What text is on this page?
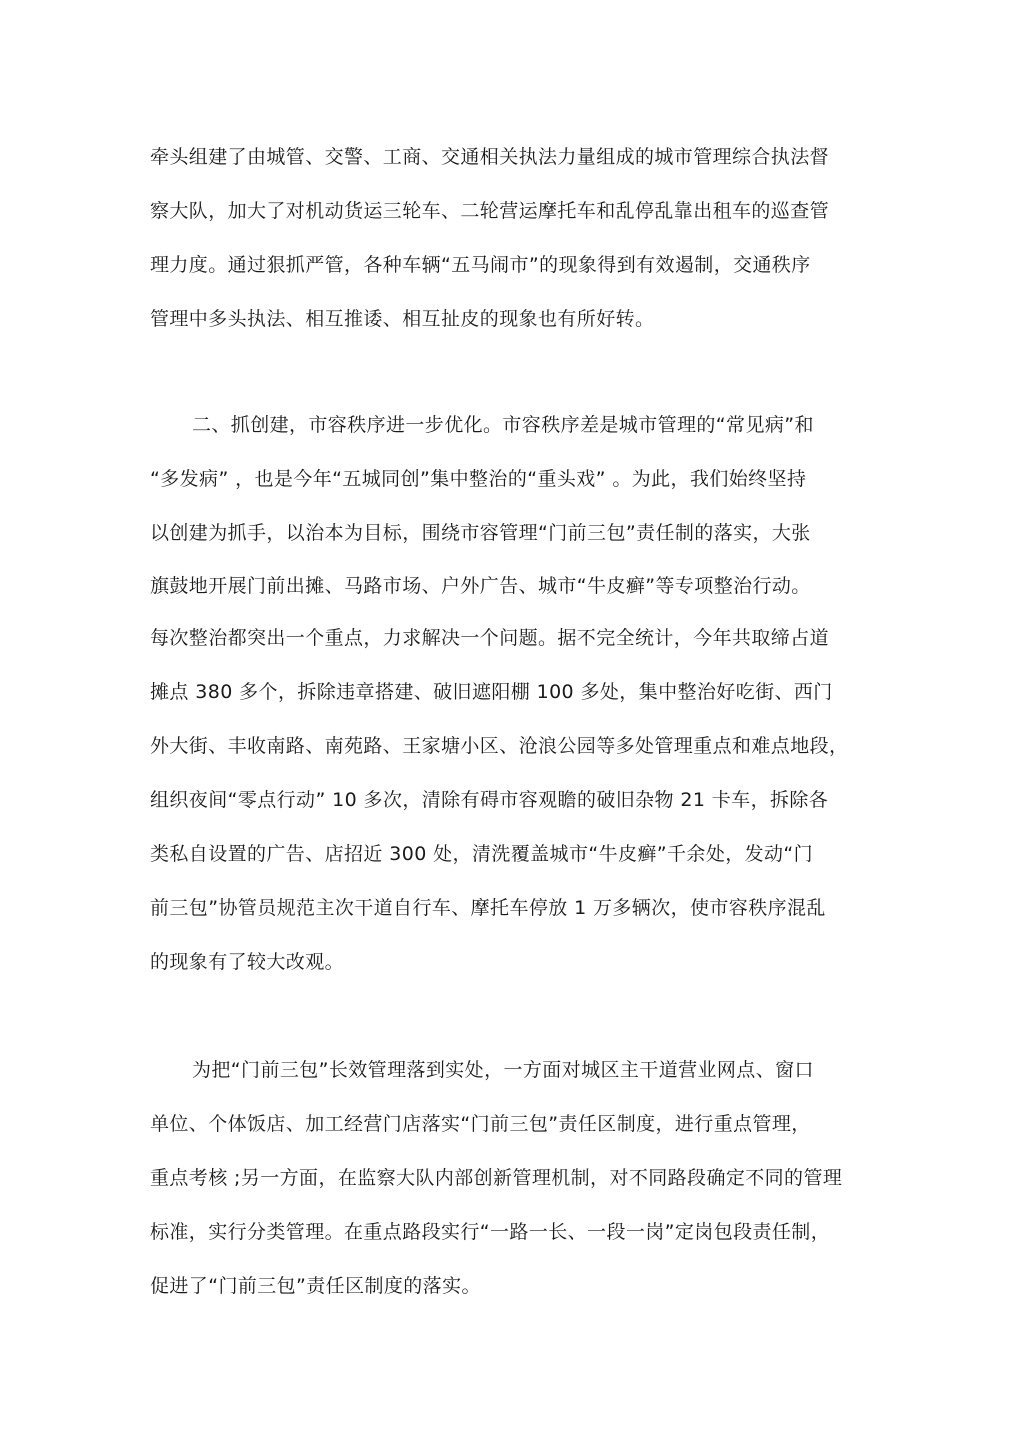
牵头组建了由城管、交警、工商、交通相关执法力量组成的城市管理综合执法督
察大队，加大了对机动货运三轮车、二轮营运摩托车和乱停乱靠出租车的巡查管
理力度。通过狠抓严管，各种车辆“五马闹市”的现象得到有效遏制，交通秩序
管理中多头执法、相互推诿、相互扯皮的现象也有所好转。
二、抓创建，市容秩序进一步优化。市容秩序差是城市管理的“常见病”和
“多发病” ，也是今年“五城同创”集中整治的“重头戏” 。为此，我们始终坚持
以创建为抓手，以治本为目标，围绕市容管理“门前三包”责任制的落实，大张
旗鼓地开展门前出摊、马路市场、户外广告、城市“牛皮癣”等专项整治行动。
每次整治都突出一个重点，力求解决一个问题。据不完全统计，今年共取缔占道
摊点 380 多个，拆除违章搭建、破旧遮阳棚 100 多处，集中整治好吃街、西门
外大街、丰收南路、南苑路、王家塘小区、沧浪公园等多处管理重点和难点地段，
组织夜间“零点行动” 10 多次，清除有碍市容观瞻的破旧杂物 21 卡车，拆除各
类私自设置的广告、店招近 300 处，清洗覆盖城市“牛皮癣”千余处，发动“门
前三包”协管员规范主次干道自行车、摩托车停放 1 万多辆次，使市容秩序混乱
的现象有了较大改观。
为把“门前三包”长效管理落到实处，一方面对城区主干道营业网点、窗口
单位、个体饭店、加工经营门店落实“门前三包”责任区制度，进行重点管理，
重点考核 ;另一方面，在监察大队内部创新管理机制，对不同路段确定不同的管理
标准，实行分类管理。在重点路段实行“一路一长、一段一岗”定岗包段责任制，
促进了“门前三包”责任区制度的落实。
